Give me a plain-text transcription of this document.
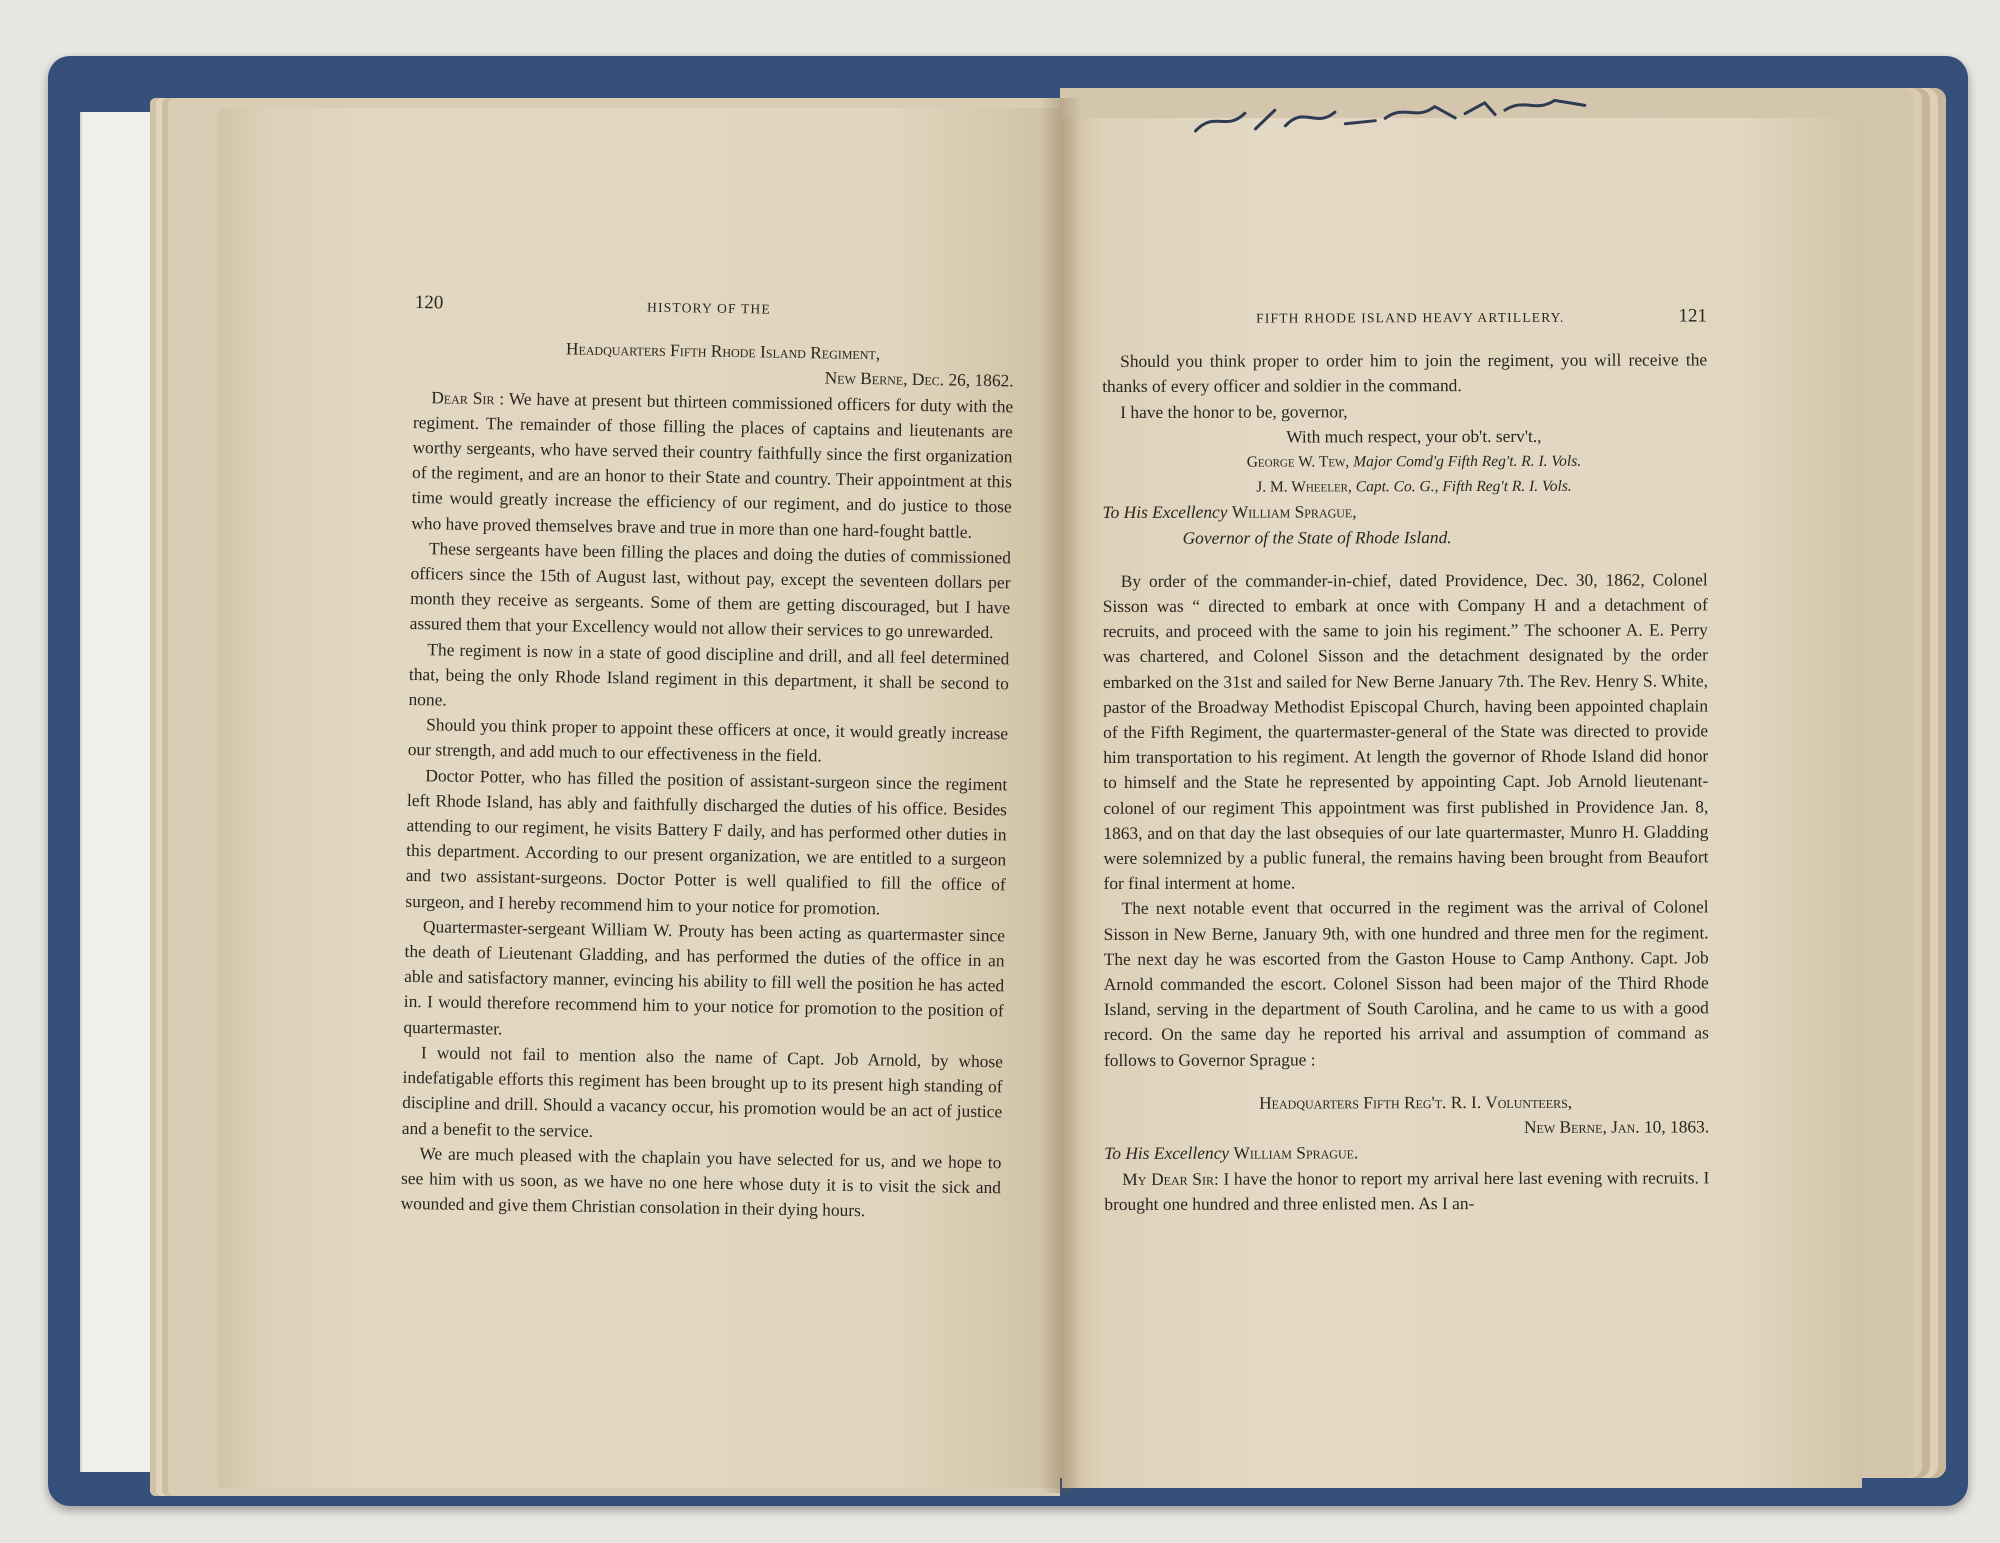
120	HISTORY OF THE

Headquarters Fifth Rhode Island Regiment,

New Berne, Dec. 26, 1862.

Dear Sir : We have at present but thirteen commissioned officers for duty with the regiment. The remainder of those filling the places of captains and lieutenants are worthy sergeants, who have served their country faithfully since the first organization of the regiment, and are an honor to their State and country. Their appointment at this time would greatly increase the efficiency of our regiment, and do justice to those who have proved themselves brave and true in more than one hard-fought battle.

These sergeants have been filling the places and doing the duties of commissioned officers since the 15th of August last, without pay, except the seventeen dollars per month they receive as sergeants. Some of them are getting discouraged, but I have assured them that your Excellency would not allow their services to go unrewarded.

The regiment is now in a state of good discipline and drill, and all feel determined that, being the only Rhode Island regiment in this department, it shall be second to none.

Should you think proper to appoint these officers at once, it would greatly increase our strength, and add much to our effectiveness in the field.

Doctor Potter, who has filled the position of assistant-surgeon since the regiment left Rhode Island, has ably and faithfully discharged the duties of his office. Besides attending to our regiment, he visits Battery F daily, and has performed other duties in this department. According to our present organization, we are entitled to a surgeon and two assistant-surgeons. Doctor Potter is well qualified to fill the office of surgeon, and I hereby recommend him to your notice for promotion.

Quartermaster-sergeant William W. Prouty has been acting as quartermaster since the death of Lieutenant Gladding, and has performed the duties of the office in an able and satisfactory manner, evincing his ability to fill well the position he has acted in. I would therefore recommend him to your notice for promotion to the position of quartermaster.

I would not fail to mention also the name of Capt. Job Arnold, by whose indefatigable efforts this regiment has been brought up to its present high standing of discipline and drill. Should a vacancy occur, his promotion would be an act of justice and a benefit to the service.

We are much pleased with the chaplain you have selected for us, and we hope to see him with us soon, as we have no one here whose duty it is to visit the sick and wounded and give them Christian consolation in their dying hours.

FIFTH RHODE ISLAND HEAVY ARTILLERY.	121

Should you think proper to order him to join the regiment, you will receive the thanks of every officer and soldier in the command.

I have the honor to be, governor,

With much respect, your ob't. serv't.,

George W. Tew, Major Comd'g Fifth Reg't. R. I. Vols.

J. M. Wheeler, Capt. Co. G., Fifth Reg't R. I. Vols.

To His Excellency William Sprague,

Governor of the State of Rhode Island.

By order of the commander-in-chief, dated Providence, Dec. 30, 1862, Colonel Sisson was “ directed to embark at once with Company H and a detachment of recruits, and proceed with the same to join his regiment.” The schooner A. E. Perry was chartered, and Colonel Sisson and the detachment designated by the order embarked on the 31st and sailed for New Berne January 7th. The Rev. Henry S. White, pastor of the Broadway Methodist Episcopal Church, having been appointed chaplain of the Fifth Regiment, the quartermaster-general of the State was directed to provide him transportation to his regiment. At length the governor of Rhode Island did honor to himself and the State he represented by appointing Capt. Job Arnold lieutenant-colonel of our regiment This appointment was first published in Providence Jan. 8, 1863, and on that day the last obsequies of our late quartermaster, Munro H. Gladding were solemnized by a public funeral, the remains having been brought from Beaufort for final interment at home.

The next notable event that occurred in the regiment was the arrival of Colonel Sisson in New Berne, January 9th, with one hundred and three men for the regiment. The next day he was escorted from the Gaston House to Camp Anthony. Capt. Job Arnold commanded the escort. Colonel Sisson had been major of the Third Rhode Island, serving in the department of South Carolina, and he came to us with a good record. On the same day he reported his arrival and assumption of command as follows to Governor Sprague :

Headquarters Fifth Reg't. R. I. Volunteers,

New Berne, Jan. 10, 1863.

To His Excellency William Sprague.

My Dear Sir: I have the honor to report my arrival here last evening with recruits. I brought one hundred and three enlisted men. As I an-
